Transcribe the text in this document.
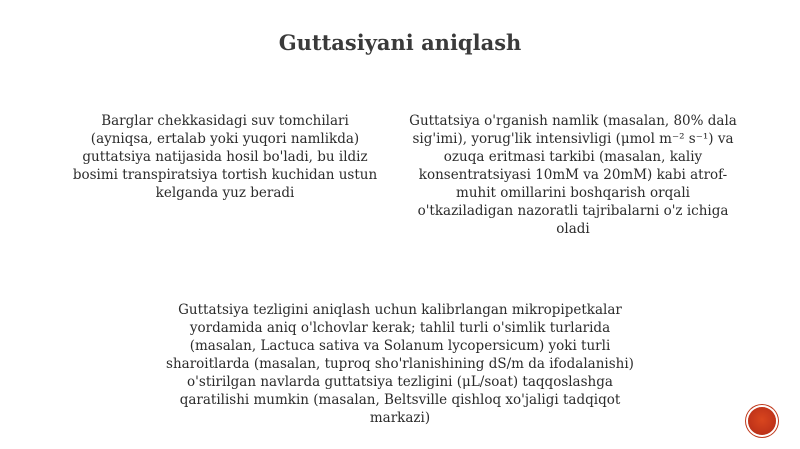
Guttasiyani aniqlash
Barglar chekkasidagi suv tomchilari
(ayniqsa, ertalab yoki yuqori namlikda)
guttatsiya natijasida hosil bo'ladi, bu ildiz
bosimi transpiratsiya tortish kuchidan ustun
kelganda yuz beradi
Guttatsiya o'rganish namlik (masalan, 80% dala
sig'imi), yorug'lik intensivligi (μmol m⁻² s⁻¹) va
ozuqa eritmasi tarkibi (masalan, kaliy
konsentratsiyasi 10mM va 20mM) kabi atrof-
muhit omillarini boshqarish orqali
o'tkaziladigan nazoratli tajribalarni o'z ichiga
oladi
Guttatsiya tezligini aniqlash uchun kalibrlangan mikropipetkalar
yordamida aniq o'lchovlar kerak; tahlil turli o'simlik turlarida
(masalan, Lactuca sativa va Solanum lycopersicum) yoki turli
sharoitlarda (masalan, tuproq sho'rlanishining dS/m da ifodalanishi)
o'stirilgan navlarda guttatsiya tezligini (μL/soat) taqqoslashga
qaratilishi mumkin (masalan, Beltsville qishloq xo'jaligi tadqiqot
markazi)
